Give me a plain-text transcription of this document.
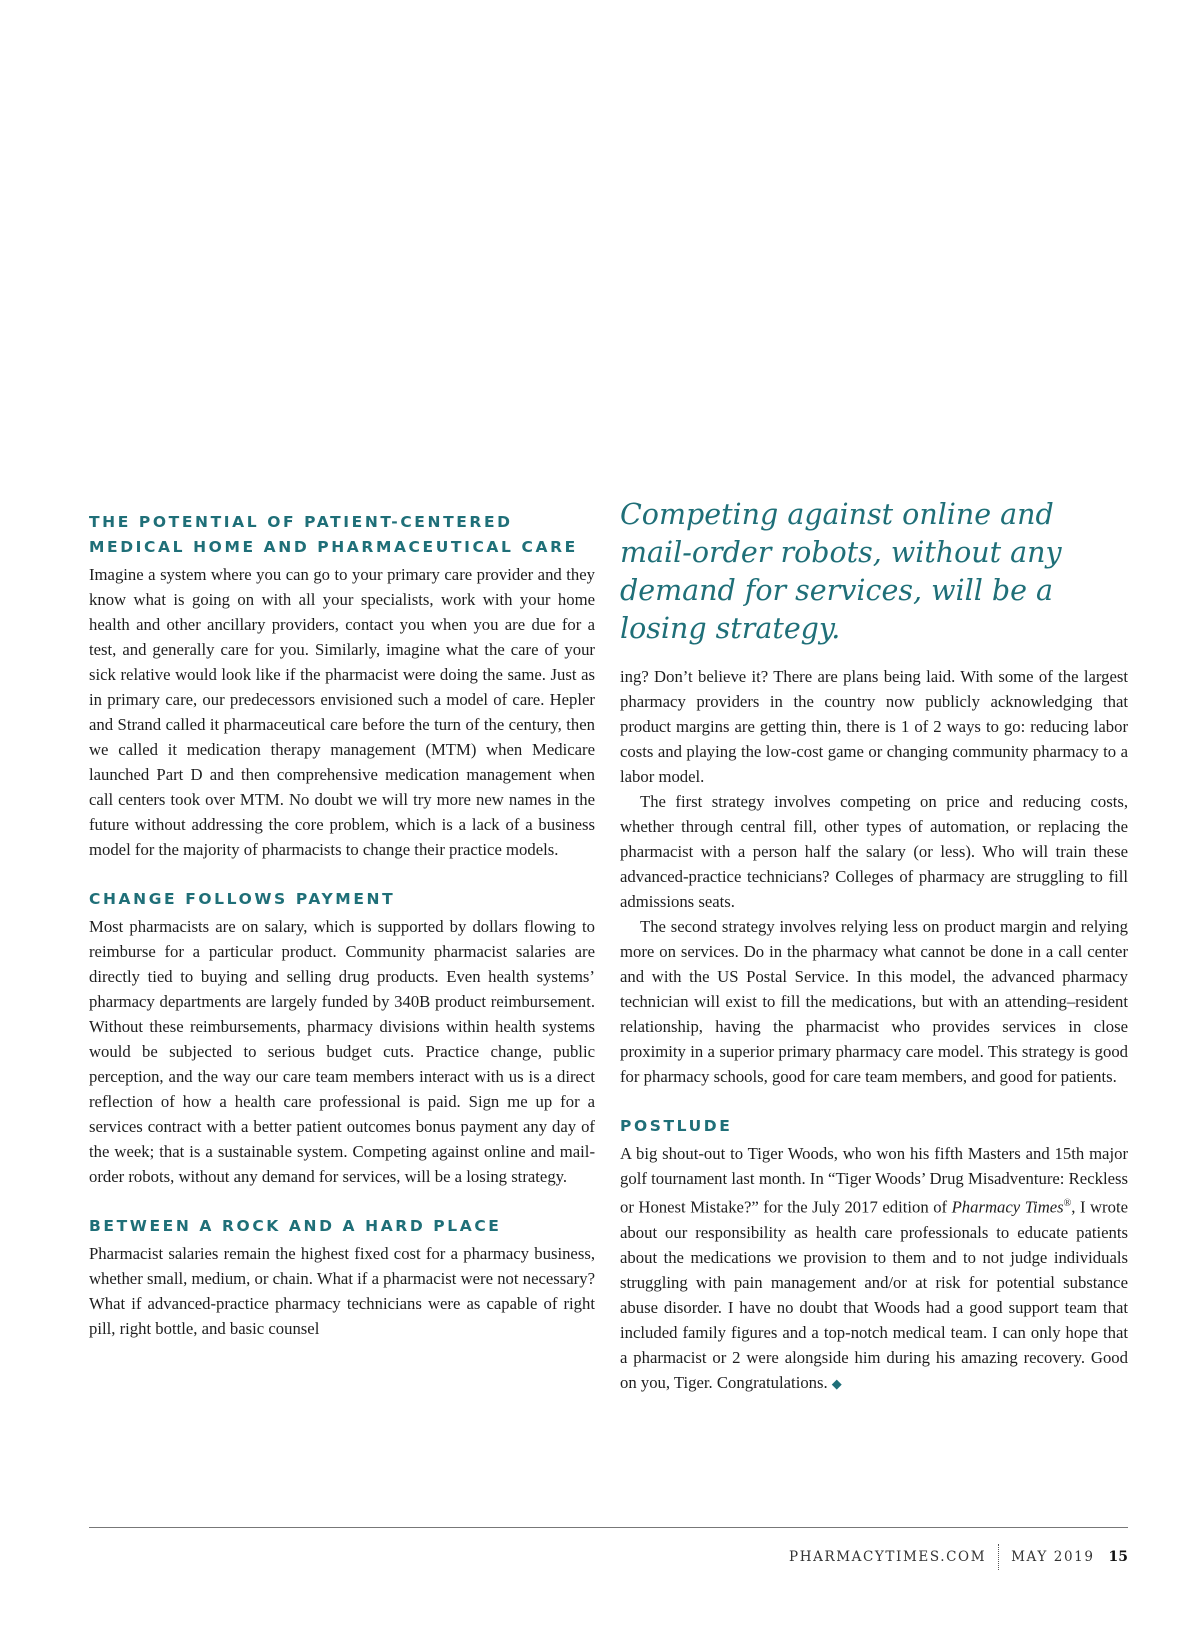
THE POTENTIAL OF PATIENT-CENTERED
MEDICAL HOME AND PHARMACEUTICAL CARE

Imagine a system where you can go to your primary care provider and they know what is going on with all your specialists, work with your home health and other ancillary providers, contact you when you are due for a test, and generally care for you. Similarly, imagine what the care of your sick relative would look like if the pharmacist were doing the same. Just as in primary care, our predecessors envisioned such a model of care. Hepler and Strand called it pharmaceutical care before the turn of the century, then we called it medication therapy management (MTM) when Medicare launched Part D and then comprehensive medication management when call centers took over MTM. No doubt we will try more new names in the future without addressing the core problem, which is a lack of a business model for the majority of pharmacists to change their practice models.

CHANGE FOLLOWS PAYMENT

Most pharmacists are on salary, which is supported by dollars flowing to reimburse for a particular product. Community pharmacist salaries are directly tied to buying and selling drug products. Even health systems’ pharmacy departments are largely funded by 340B product reimbursement. Without these reimbursements, pharmacy divisions within health systems would be subjected to serious budget cuts. Practice change, public perception, and the way our care team members interact with us is a direct reflection of how a health care professional is paid. Sign me up for a services contract with a better patient outcomes bonus payment any day of the week; that is a sustainable system. Competing against online and mail-order robots, without any demand for services, will be a losing strategy.

BETWEEN A ROCK AND A HARD PLACE

Pharmacist salaries remain the highest fixed cost for a pharmacy business, whether small, medium, or chain. What if a pharmacist were not necessary? What if advanced-practice pharmacy technicians were as capable of right pill, right bottle, and basic counsel

Competing against online and mail-order robots, without any demand for services, will be a losing strategy.

ing? Don’t believe it? There are plans being laid. With some of the largest pharmacy providers in the country now publicly acknowledging that product margins are getting thin, there is 1 of 2 ways to go: reducing labor costs and playing the low-cost game or changing community pharmacy to a labor model.

The first strategy involves competing on price and reducing costs, whether through central fill, other types of automation, or replacing the pharmacist with a person half the salary (or less). Who will train these advanced-practice technicians? Colleges of pharmacy are struggling to fill admissions seats.

The second strategy involves relying less on product margin and relying more on services. Do in the pharmacy what cannot be done in a call center and with the US Postal Service. In this model, the advanced pharmacy technician will exist to fill the medications, but with an attending–resident relationship, having the pharmacist who provides services in close proximity in a superior primary pharmacy care model. This strategy is good for pharmacy schools, good for care team members, and good for patients.

POSTLUDE

A big shout-out to Tiger Woods, who won his fifth Masters and 15th major golf tournament last month. In “Tiger Woods’ Drug Misadventure: Reckless or Honest Mistake?” for the July 2017 edition of Pharmacy Times®, I wrote about our responsibility as health care professionals to educate patients about the medications we provision to them and to not judge individuals struggling with pain management and/or at risk for potential substance abuse disorder. I have no doubt that Woods had a good support team that included family figures and a top-notch medical team. I can only hope that a pharmacist or 2 were alongside him during his amazing recovery. Good on you, Tiger. Congratulations. ◆

PHARMACYTIMES.COM MAY 2019 15
